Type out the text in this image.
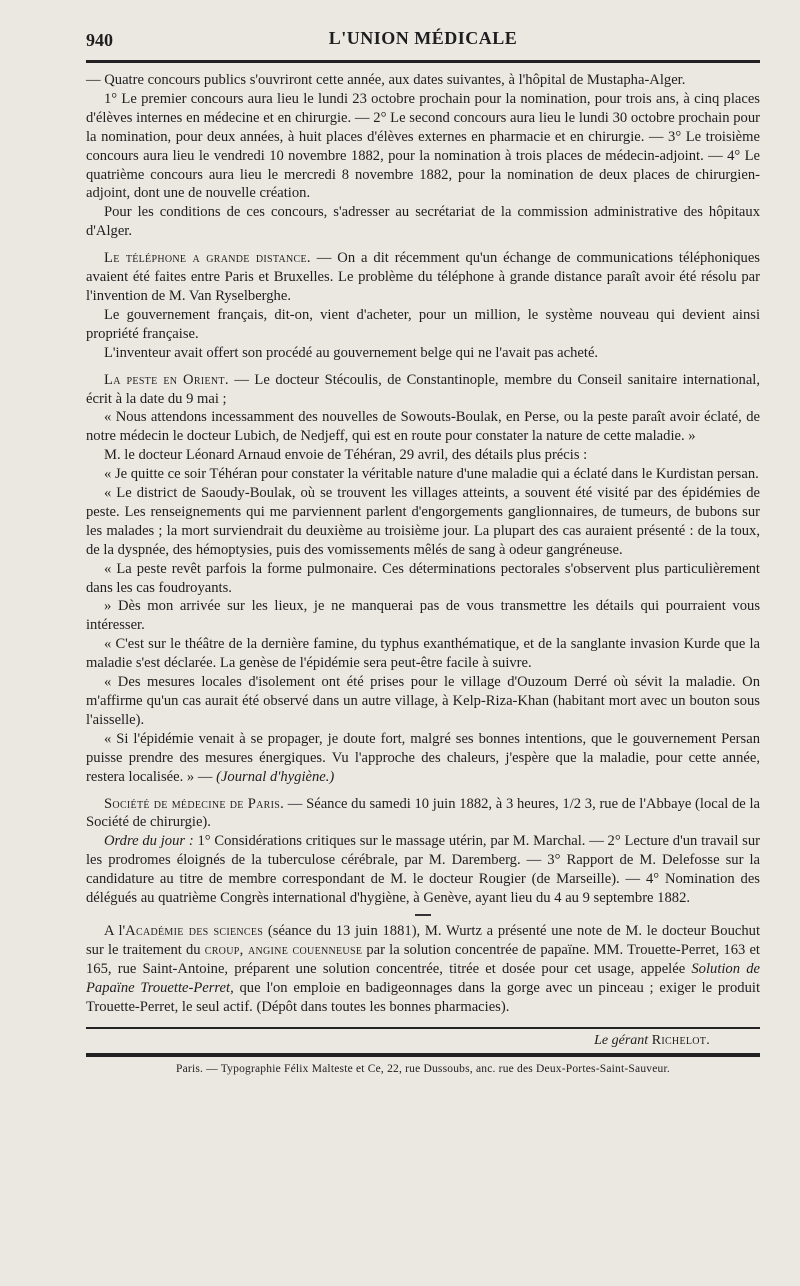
940	L'UNION MÉDICALE

— Quatre concours publics s'ouvriront cette année, aux dates suivantes, à l'hôpital de Mustapha-Alger.

1° Le premier concours aura lieu le lundi 23 octobre prochain pour la nomination, pour trois ans, à cinq places d'élèves internes en médecine et en chirurgie. — 2° Le second concours aura lieu le lundi 30 octobre prochain pour la nomination, pour deux années, à huit places d'élèves externes en pharmacie et en chirurgie. — 3° Le troisième concours aura lieu le vendredi 10 novembre 1882, pour la nomination à trois places de médecin-adjoint. — 4° Le quatrième concours aura lieu le mercredi 8 novembre 1882, pour la nomination de deux places de chirurgien-adjoint, dont une de nouvelle création.

Pour les conditions de ces concours, s'adresser au secrétariat de la commission administrative des hôpitaux d'Alger.

Le téléphone a grande distance. — On a dit récemment qu'un échange de communications téléphoniques avaient été faites entre Paris et Bruxelles. Le problème du téléphone à grande distance paraît avoir été résolu par l'invention de M. Van Ryselberghe.

Le gouvernement français, dit-on, vient d'acheter, pour un million, le système nouveau qui devient ainsi propriété française.

L'inventeur avait offert son procédé au gouvernement belge qui ne l'avait pas acheté.

La peste en Orient. — Le docteur Stécoulis, de Constantinople, membre du Conseil sanitaire international, écrit à la date du 9 mai ;

« Nous attendons incessamment des nouvelles de Sowouts-Boulak, en Perse, ou la peste paraît avoir éclaté, de notre médecin le docteur Lubich, de Nedjeff, qui est en route pour constater la nature de cette maladie. »

M. le docteur Léonard Arnaud envoie de Téhéran, 29 avril, des détails plus précis :

« Je quitte ce soir Téhéran pour constater la véritable nature d'une maladie qui a éclaté dans le Kurdistan persan.

« Le district de Saoudy-Boulak, où se trouvent les villages atteints, a souvent été visité par des épidémies de peste. Les renseignements qui me parviennent parlent d'engorgements ganglionnaires, de tumeurs, de bubons sur les malades ; la mort surviendrait du deuxième au troisième jour. La plupart des cas auraient présenté : de la toux, de la dyspnée, des hémoptysies, puis des vomissements mêlés de sang à odeur gangréneuse.

« La peste revêt parfois la forme pulmonaire. Ces déterminations pectorales s'observent plus particulièrement dans les cas foudroyants.

» Dès mon arrivée sur les lieux, je ne manquerai pas de vous transmettre les détails qui pourraient vous intéresser.

« C'est sur le théâtre de la dernière famine, du typhus exanthématique, et de la sanglante invasion Kurde que la maladie s'est déclarée. La genèse de l'épidémie sera peut-être facile à suivre.

« Des mesures locales d'isolement ont été prises pour le village d'Ouzoum Derré où sévit la maladie. On m'affirme qu'un cas aurait été observé dans un autre village, à Kelp-Riza-Khan (habitant mort avec un bouton sous l'aisselle).

« Si l'épidémie venait à se propager, je doute fort, malgré ses bonnes intentions, que le gouvernement Persan puisse prendre des mesures énergiques. Vu l'approche des chaleurs, j'espère que la maladie, pour cette année, restera localisée. » — (Journal d'hygiène.)

Société de médecine de Paris. — Séance du samedi 10 juin 1882, à 3 heures, 1/2 3, rue de l'Abbaye (local de la Société de chirurgie).

Ordre du jour : 1° Considérations critiques sur le massage utérin, par M. Marchal. — 2° Lecture d'un travail sur les prodromes éloignés de la tuberculose cérébrale, par M. Daremberg. — 3° Rapport de M. Delefosse sur la candidature au titre de membre correspondant de M. le docteur Rougier (de Marseille). — 4° Nomination des délégués au quatrième Congrès international d'hygiène, à Genève, ayant lieu du 4 au 9 septembre 1882.

A l'Académie des sciences (séance du 13 juin 1881), M. Wurtz a présenté une note de M. le docteur Bouchut sur le traitement du croup, angine couenneuse par la solution concentrée de papaïne. MM. Trouette-Perret, 163 et 165, rue Saint-Antoine, préparent une solution concentrée, titrée et dosée pour cet usage, appelée Solution de Papaïne Trouette-Perret, que l'on emploie en badigeonnages dans la gorge avec un pinceau ; exiger le produit Trouette-Perret, le seul actif. (Dépôt dans toutes les bonnes pharmacies).

Le gérant Richelot.
Paris. — Typographie Félix Malteste et Ce, 22, rue Dussoubs, anc. rue des Deux-Portes-Saint-Sauveur.
